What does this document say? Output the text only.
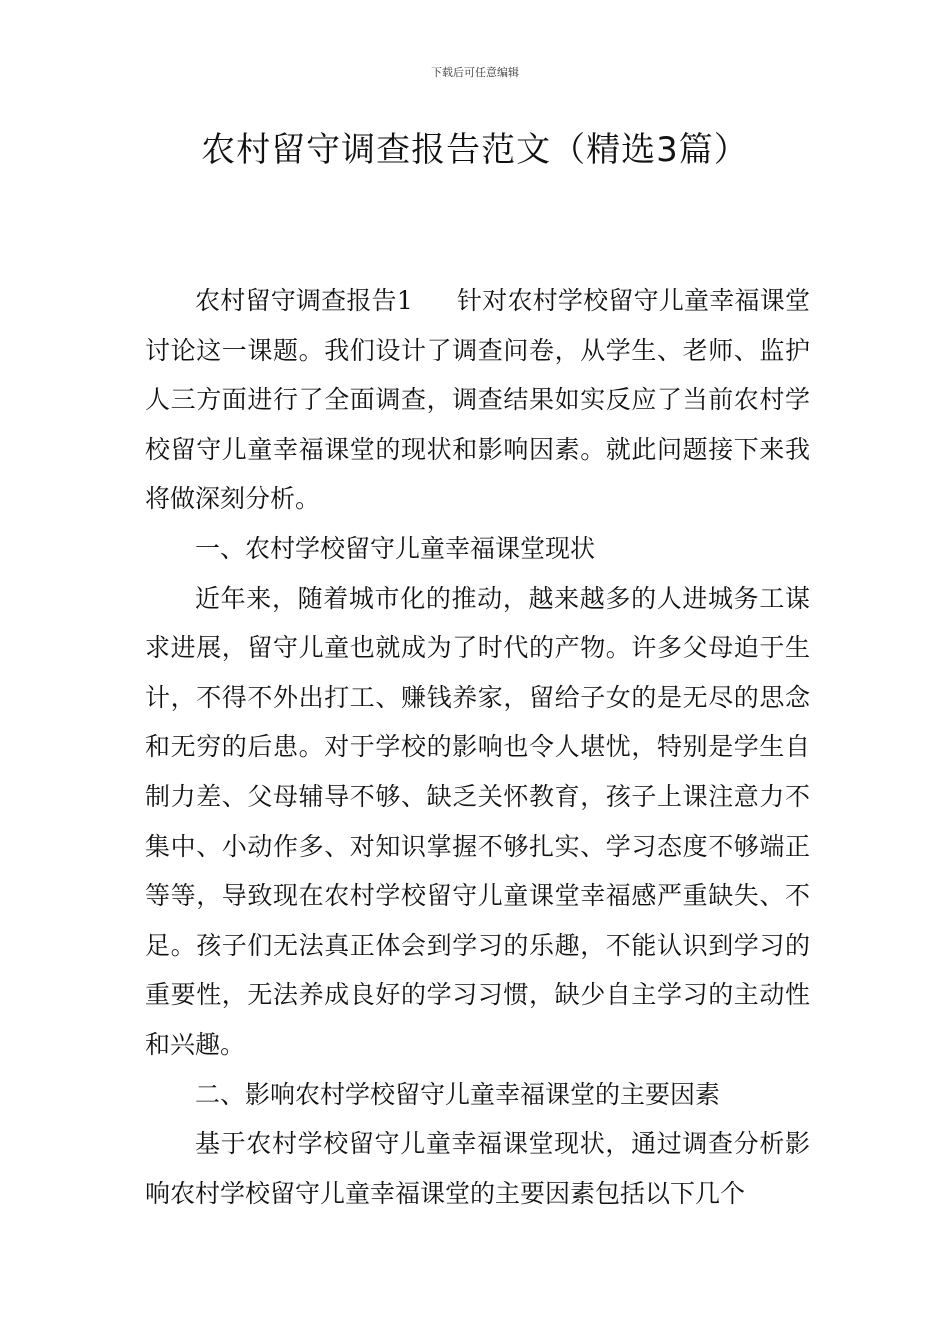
下载后可任意编辑
农村留守调查报告范文（精选3篇）

农村留守调查报告1 针对农村学校留守儿童幸福课堂讨论这一课题。我们设计了调查问卷，从学生、老师、监护人三方面进行了全面调查，调查结果如实反应了当前农村学校留守儿童幸福课堂的现状和影响因素。就此问题接下来我将做深刻分析。

一、农村学校留守儿童幸福课堂现状

近年来，随着城市化的推动，越来越多的人进城务工谋求进展，留守儿童也就成为了时代的产物。许多父母迫于生计，不得不外出打工、赚钱养家，留给子女的是无尽的思念和无穷的后患。对于学校的影响也令人堪忧，特别是学生自制力差、父母辅导不够、缺乏关怀教育，孩子上课注意力不集中、小动作多、对知识掌握不够扎实、学习态度不够端正等等，导致现在农村学校留守儿童课堂幸福感严重缺失、不足。孩子们无法真正体会到学习的乐趣，不能认识到学习的重要性，无法养成良好的学习习惯，缺少自主学习的主动性和兴趣。

二、影响农村学校留守儿童幸福课堂的主要因素

基于农村学校留守儿童幸福课堂现状，通过调查分析影响农村学校留守儿童幸福课堂的主要因素包括以下几个
